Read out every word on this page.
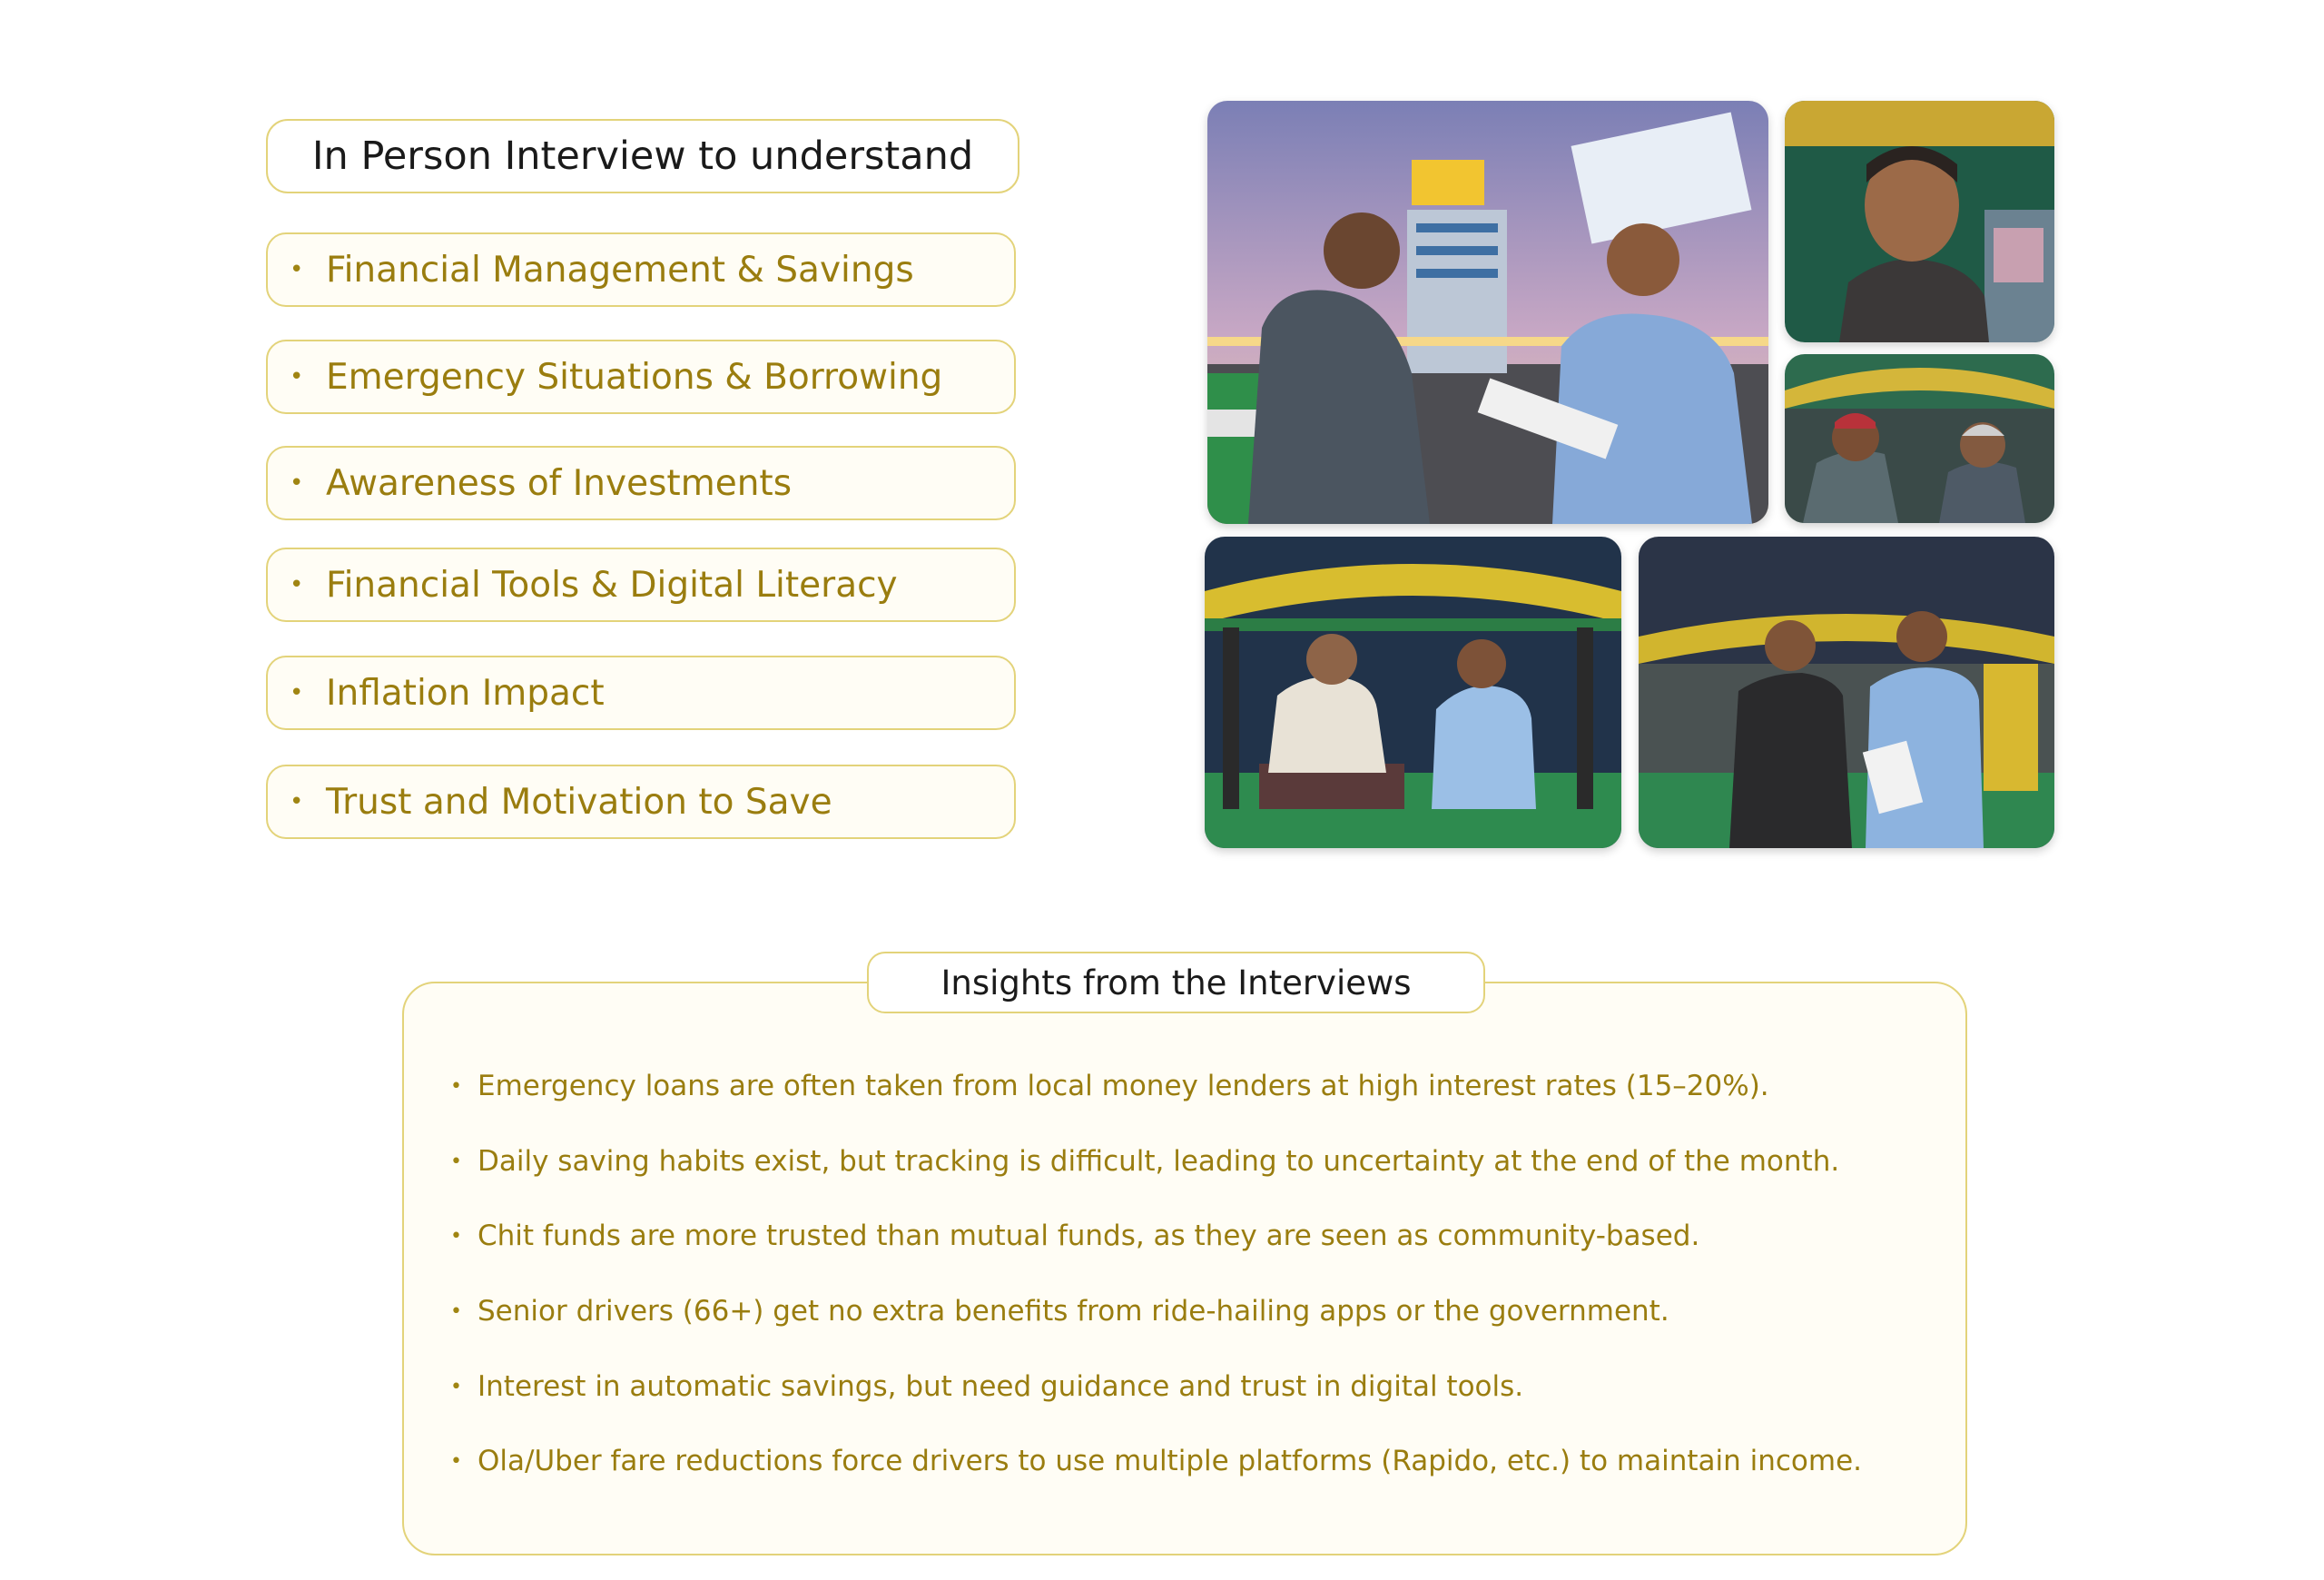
In Person Interview to understand
• Financial Management & Savings
• Emergency Situations & Borrowing
• Awareness of Investments
• Financial Tools & Digital Literacy
• Inflation Impact
• Trust and Motivation to Save
Insights from the Interviews
• Emergency loans are often taken from local money lenders at high interest rates (15–20%).
• Daily saving habits exist, but tracking is difficult, leading to uncertainty at the end of the month.
• Chit funds are more trusted than mutual funds, as they are seen as community-based.
• Senior drivers (66+) get no extra benefits from ride-hailing apps or the government.
• Interest in automatic savings, but need guidance and trust in digital tools.
• Ola/Uber fare reductions force drivers to use multiple platforms (Rapido, etc.) to maintain income.
